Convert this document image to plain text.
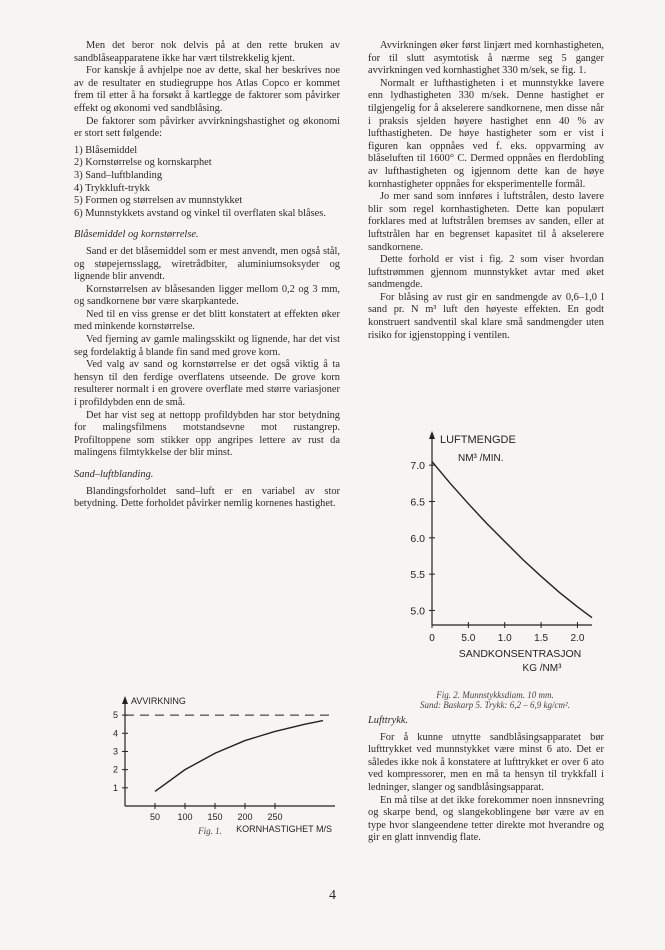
Men det beror nok delvis på at den rette bruken av sandblåseapparatene ikke har vært tilstrekkelig kjent.

For kanskje å avhjelpe noe av dette, skal her beskrives noe av de resultater en studiegruppe hos Atlas Copco er kommet frem til etter å ha forsøkt å kartlegge de faktorer som påvirker effekt og økonomi ved sandblåsing.

De faktorer som påvirker avvirkningshastighet og økonomi er stort sett følgende:

1) Blåsemiddel
2) Kornstørrelse og kornskarphet
3) Sand–luftblanding
4) Trykkluft-trykk
5) Formen og størrelsen av munnstykket
6) Munnstykkets avstand og vinkel til overflaten skal blåses.

Blåsemiddel og kornstørrelse.

Sand er det blåsemiddel som er mest anvendt, men også stål, og støpejernsslagg, wiretrådbiter, aluminiumsoksyder og lignende blir anvendt.

Kornstørrelsen av blåsesanden ligger mellom 0,2 og 3 mm, og sandkornene bør være skarpkantede.

Ned til en viss grense er det blitt konstatert at effekten øker med minkende kornstørrelse.

Ved fjerning av gamle malingsskikt og lignende, har det vist seg fordelaktig å blande fin sand med grove korn.

Ved valg av sand og kornstørrelse er det også viktig å ta hensyn til den ferdige overflatens utseende. De grove korn resulterer normalt i en grovere overflate med større variasjoner i profildybden enn de små.

Det har vist seg at nettopp profildybden har stor betydning for malingsfilmens motstandsevne mot rustangrep. Profiltoppene som stikker opp angripes lettere av rust da malingens filmtykkelse der blir minst.

Sand–luftblanding.

Blandingsforholdet sand–luft er en variabel av stor betydning. Dette forholdet påvirker nemlig kornenes hastighet.

Avvirkningen øker først linjært med kornhastigheten, for til slutt asymtotisk å nærme seg 5 ganger avvirkningen ved kornhastighet 330 m/sek, se fig. 1.

Normalt er lufthastigheten i et munnstykke lavere enn lydhastigheten 330 m/sek. Denne hastighet er tilgjengelig for å akselerere sandkornene, men disse når i praksis sjelden høyere hastighet enn 40 % av lufthastigheten. De høye hastigheter som er vist i figuren kan oppnåes ved f. eks. oppvarming av blåseluften til 1600° C. Dermed oppnåes en flerdobling av lufthastigheten og igjennom dette kan de høye kornhastigheter oppnåes for eksperimentelle formål.

Jo mer sand som innføres i luftstrålen, desto lavere blir som regel kornhastigheten. Dette kan populært forklares med at luftstrålen bremses av sanden, eller at luftstrålen har en begrenset kapasitet til å akselerere sandkornene.

Dette forhold er vist i fig. 2 som viser hvordan luftstrømmen gjennom munnstykket avtar med øket sandmengde.

For blåsing av rust gir en sandmengde av 0,6–1,0 l sand pr. N m³ luft den høyeste effekten. En godt konstruert sandventil skal klare små sandmengder uten risiko for igjenstopping i ventilen.

Lufttrykk.

For å kunne utnytte sandblåsingsapparatet bør lufttrykket ved munnstykket være minst 6 ato. Det er således ikke nok å konstatere at lufttrykket er over 6 ato ved kompressorer, men en må ta hensyn til trykkfall i ledninger, slanger og sandblåsingsapparat.

En må tilse at det ikke forekommer noen innsnevring og skarpe bend, og slangekoblingene bør være av en type hvor slangeendene tetter direkte mot hverandre og gir en glatt innvendig flate.

AVVIRKNING
1
2
3
4
5
50 100 150 200 250
KORNHASTIGHET M/S
Fig. 1.
LUFTMENGDE
NM³ /MIN.
5.0
5.5
6.0
6.5
7.0
0	5.0 1.0 1.5 2.0
SANDKONSENTRASJON
KG /NM³
Fig. 2. Munnstykksdiam. 10 mm.
Sand: Baskarp 5. Trykk: 6,2 – 6,9 kg/cm².
4
